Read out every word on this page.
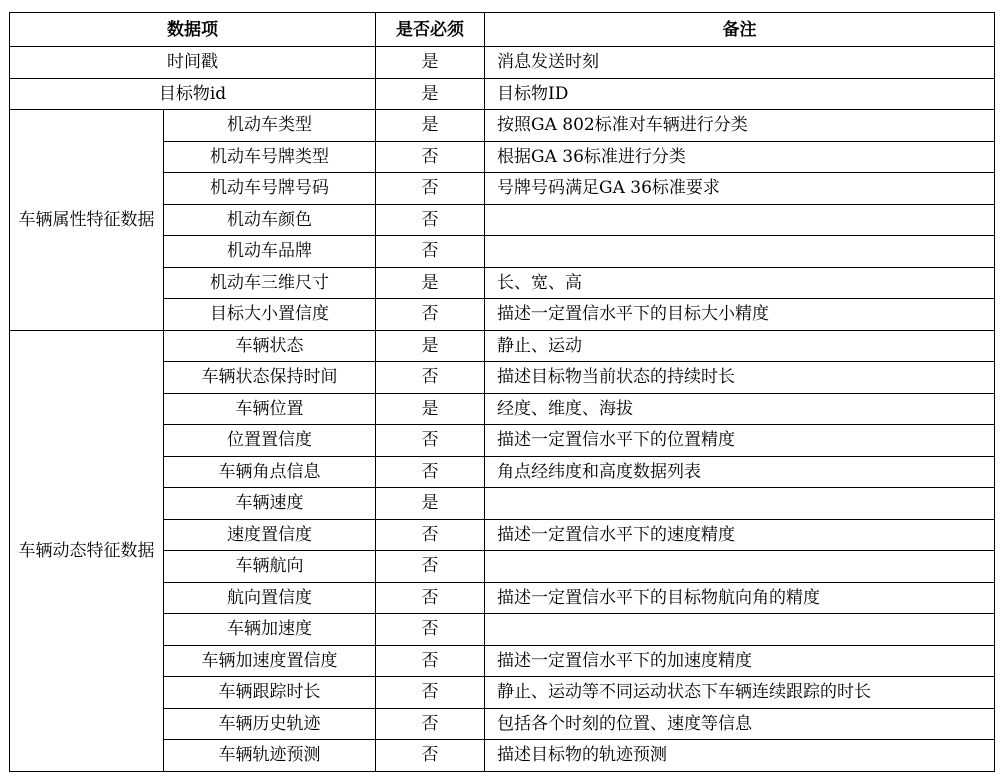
数据项		是否必须	备注
时间戳		是	消息发送时刻
目标物id		是	目标物ID
车辆属性特征数据	机动车类型	是	按照GA 802标准对车辆进行分类
	机动车号牌类型	否	根据GA 36标准进行分类
	机动车号牌号码	否	号牌号码满足GA 36标准要求
	机动车颜色	否	
	机动车品牌	否	
	机动车三维尺寸	是	长、宽、高
	目标大小置信度	否	描述一定置信水平下的目标大小精度
车辆动态特征数据	车辆状态	是	静止、运动
	车辆状态保持时间	否	描述目标物当前状态的持续时长
	车辆位置	是	经度、维度、海拔
	位置置信度	否	描述一定置信水平下的位置精度
	车辆角点信息	否	角点经纬度和高度数据列表
	车辆速度	是	
	速度置信度	否	描述一定置信水平下的速度精度
	车辆航向	否	
	航向置信度	否	描述一定置信水平下的目标物航向角的精度
	车辆加速度	否	
	车辆加速度置信度	否	描述一定置信水平下的加速度精度
	车辆跟踪时长	否	静止、运动等不同运动状态下车辆连续跟踪的时长
	车辆历史轨迹	否	包括各个时刻的位置、速度等信息
	车辆轨迹预测	否	描述目标物的轨迹预测
